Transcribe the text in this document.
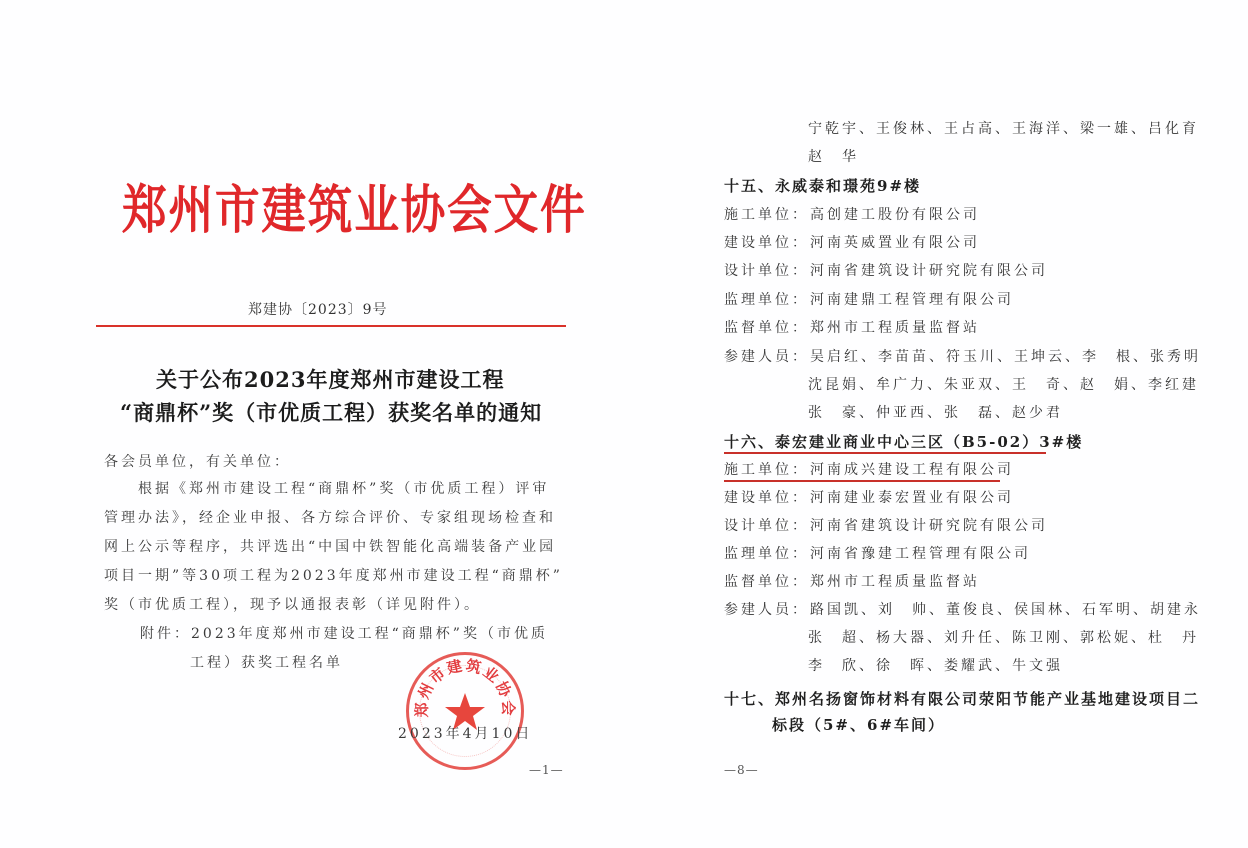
郑州市建筑业协会文件
郑建协〔2023〕9号
关于公布2023年度郑州市建设工程
“商鼎杯”奖（市优质工程）获奖名单的通知
各会员单位，有关单位：
　　根据《郑州市建设工程“商鼎杯”奖（市优质工程）评审
管理办法》，经企业申报、各方综合评价、专家组现场检查和
网上公示等程序，共评选出“中国中铁智能化高端装备产业园
项目一期”等30项工程为2023年度郑州市建设工程“商鼎杯”
奖（市优质工程），现予以通报表彰（详见附件）。
附件：2023年度郑州市建设工程“商鼎杯”奖（市优质
工程）获奖工程名单
郑州市建筑业协会
2023年4月10日
—1—
宁乾宇、王俊林、王占高、王海洋、梁一雄、吕化育
赵　华
十五、永威泰和璟苑9#楼
施工单位：高创建工股份有限公司
建设单位：河南英威置业有限公司
设计单位：河南省建筑设计研究院有限公司
监理单位：河南建鼎工程管理有限公司
监督单位：郑州市工程质量监督站
参建人员：吴启红、李苗苗、符玉川、王坤云、李　根、张秀明
沈昆娟、牟广力、朱亚双、王　奇、赵　娟、李红建
张　豪、仲亚西、张　磊、赵少君
十六、泰宏建业商业中心三区（B5-02）3#楼
施工单位：河南成兴建设工程有限公司
建设单位：河南建业泰宏置业有限公司
设计单位：河南省建筑设计研究院有限公司
监理单位：河南省豫建工程管理有限公司
监督单位：郑州市工程质量监督站
参建人员：路国凯、刘　帅、董俊良、侯国林、石军明、胡建永
张　超、杨大器、刘升任、陈卫刚、郭松妮、杜　丹
李　欣、徐　晖、娄耀武、牛文强
十七、郑州名扬窗饰材料有限公司荥阳节能产业基地建设项目二
标段（5#、6#车间）
—8—
